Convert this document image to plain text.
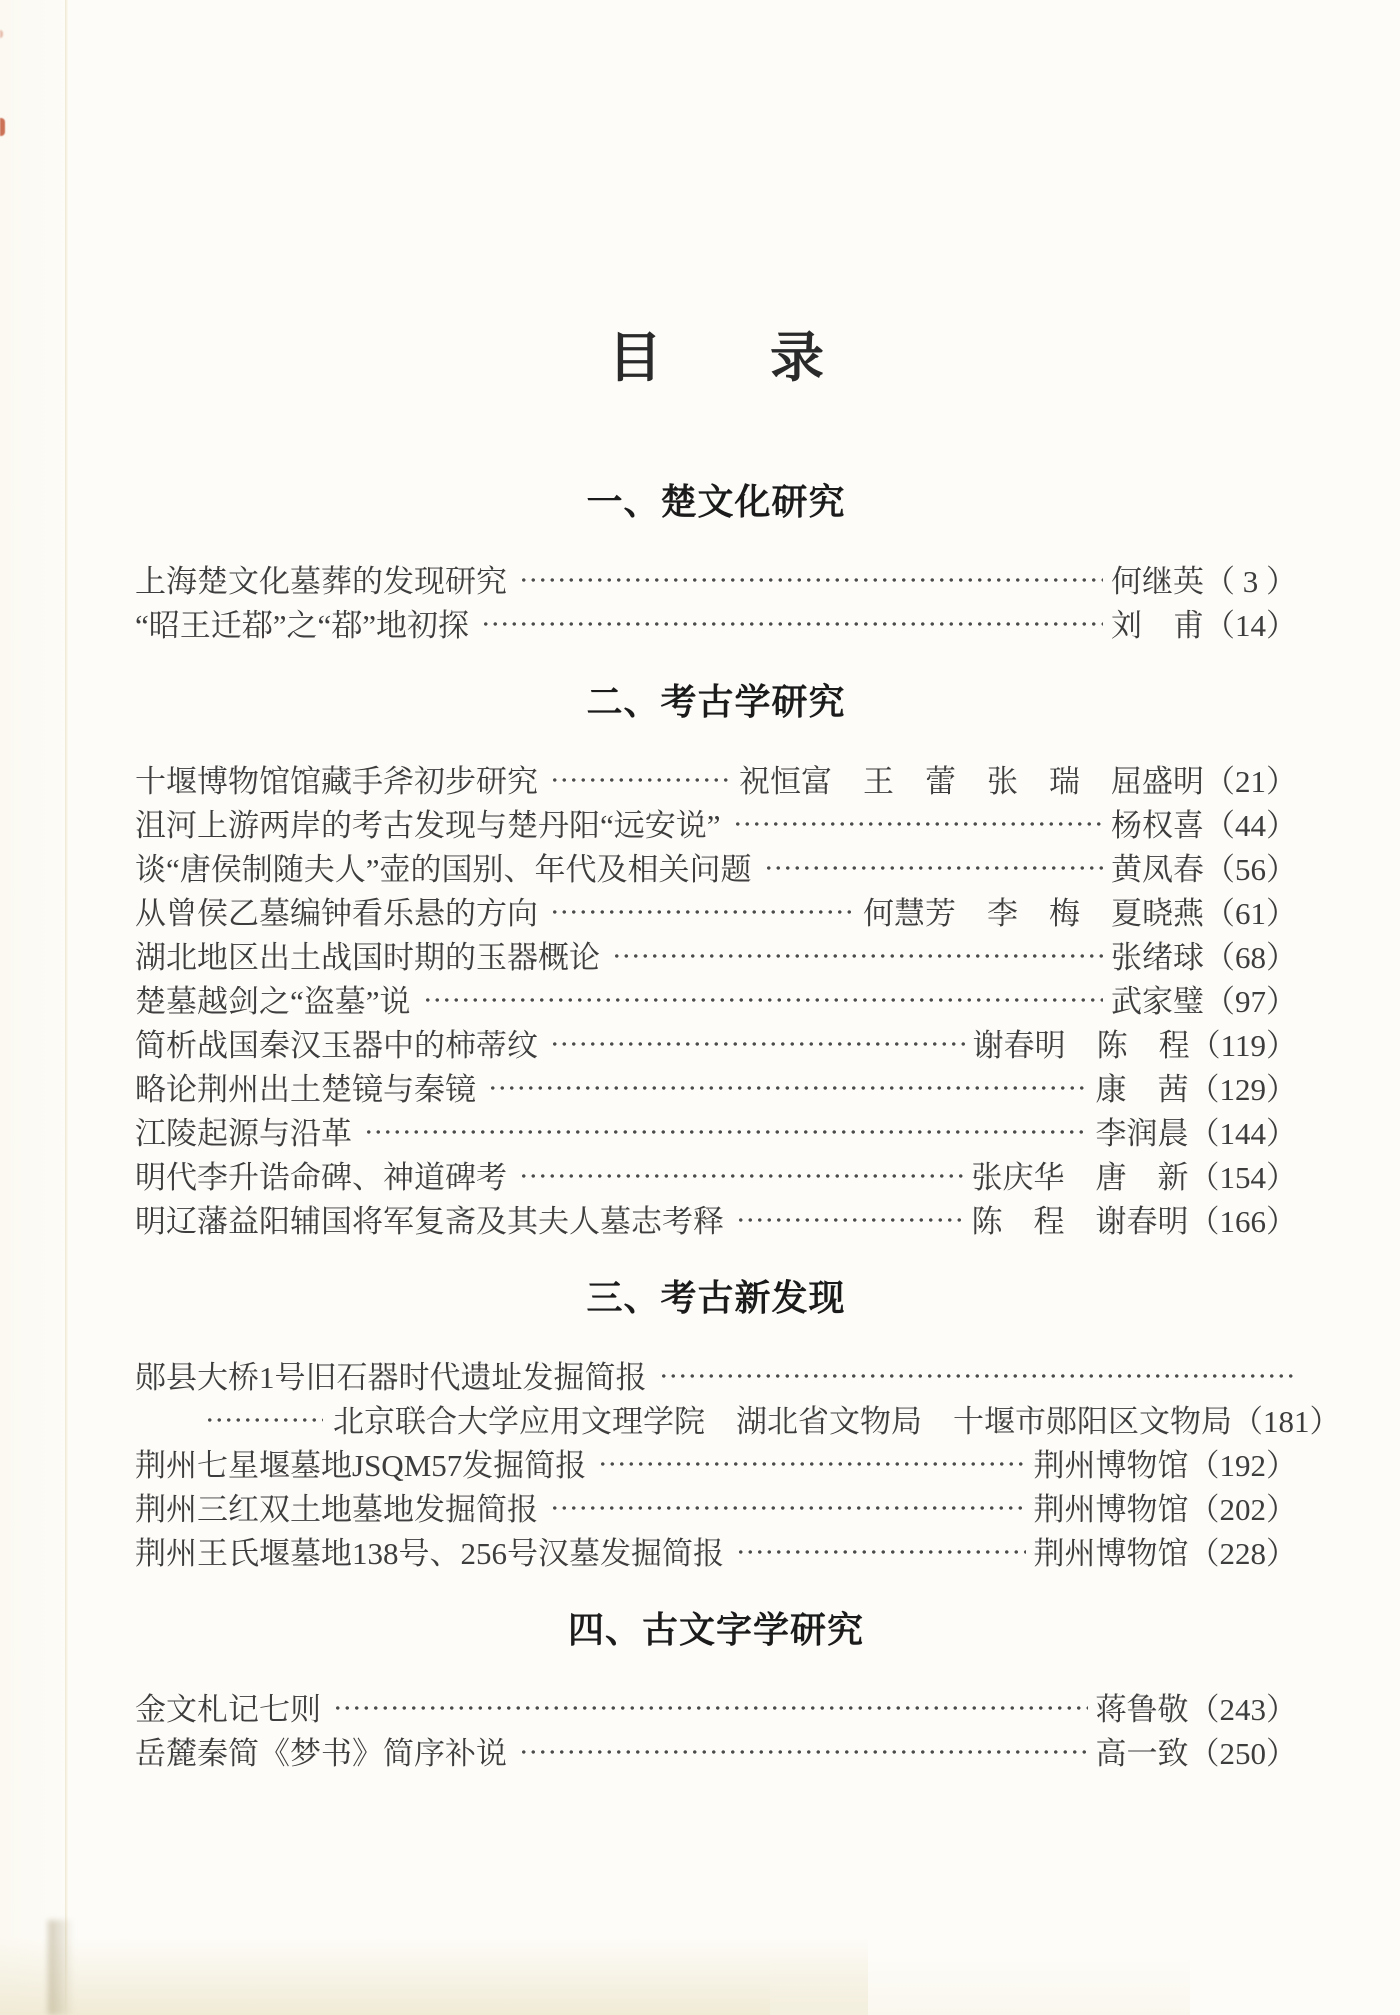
目　　录
一、楚文化研究
上海楚文化墓葬的发现研究	何继英 （ 3 ）
“昭王迁鄀”之“鄀”地初探	刘　甫 （14）
二、考古学研究
十堰博物馆馆藏手斧初步研究	祝恒富　王　蕾　张　瑞　屈盛明 （21）
沮河上游两岸的考古发现与楚丹阳“远安说”	杨权喜 （44）
谈“唐侯制随夫人”壶的国别、年代及相关问题	黄凤春 （56）
从曾侯乙墓编钟看乐悬的方向	何慧芳　李　梅　夏晓燕 （61）
湖北地区出土战国时期的玉器概论	张绪球 （68）
楚墓越剑之“盗墓”说	武家璧 （97）
简析战国秦汉玉器中的柿蒂纹	谢春明　陈　程 （119）
略论荆州出土楚镜与秦镜	康　茜 （129）
江陵起源与沿革	李润晨 （144）
明代李升诰命碑、神道碑考	张庆华　唐　新 （154）
明辽藩益阳辅国将军复斋及其夫人墓志考释	陈　程　谢春明 （166）
三、考古新发现
郧县大桥1号旧石器时代遗址发掘简报
北京联合大学应用文理学院　湖北省文物局　十堰市郧阳区文物局 （181）
荆州七星堰墓地JSQM57发掘简报	荆州博物馆 （192）
荆州三红双土地墓地发掘简报	荆州博物馆 （202）
荆州王氏堰墓地138号、256号汉墓发掘简报	荆州博物馆 （228）
四、古文字学研究
金文札记七则	蒋鲁敬 （243）
岳麓秦简《梦书》简序补说	高一致 （250）
